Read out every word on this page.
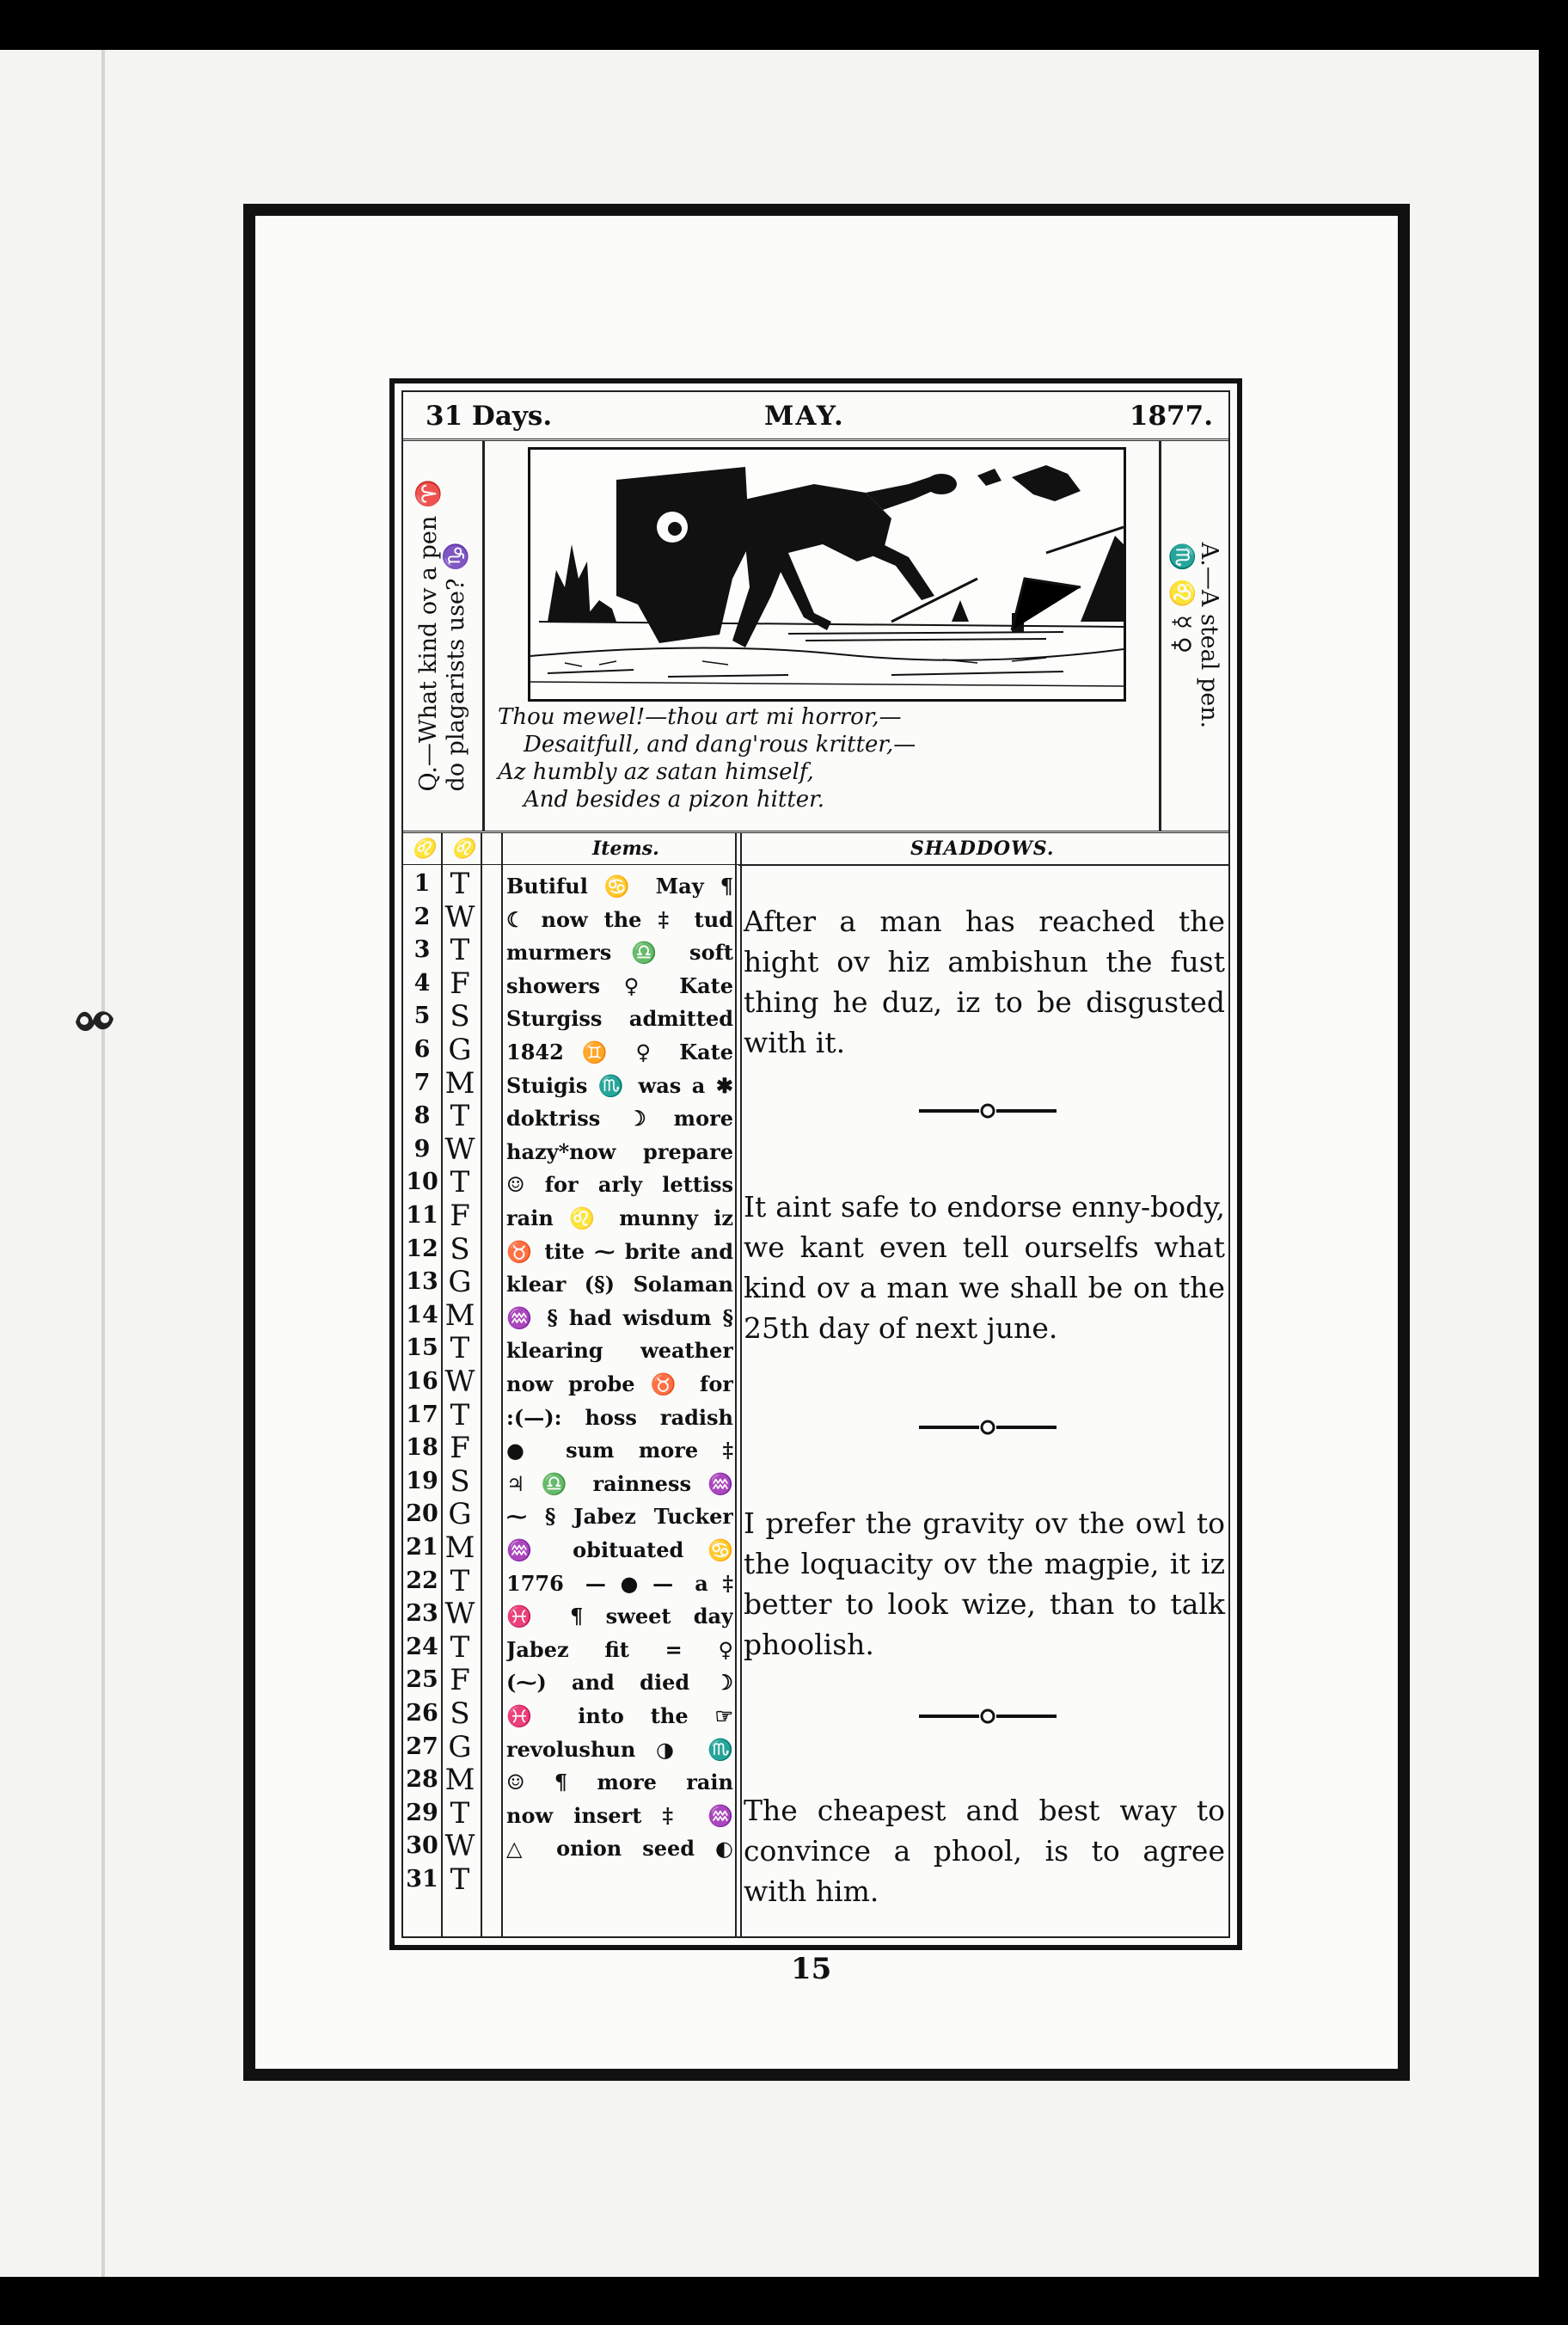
▾	✱
31 Days.	MAY.	1877.
Q.—What kind ov a pen ♈ do plagarists use? ♑ Thou mewel!—thou art mi horror,—
Desaitfull, and dang'rous kritter,—
Az humbly az satan himself,
And besides a pizon hitter.
A.—A steal pen.
♏ ♌ ☿ ♀
♌ ♌	Items.	SHADDOWS.
1 T	Butiful ♋ May ¶
2 W ☾ now the ‡ tud
3 T	murmers ♎ soft
4 F	showers ♀ Kate
5 S	Sturgiss admitted
6 G 1842 ♊ ♀ Kate
7 M Stuigis ♏ was a ✱
8 T	doktriss ☽ more
9 W hazy*now prepare
10 T	☺ for arly lettiss
11 F	rain ♌ munny iz
12 S	♉ tite ⁓ brite and
13 G klear (§) Solaman
14 M ♒ § had wisdum §
15 T	klearing weather
16 W now probe ♉ for
17 T	:(—): hoss radish
18 F	● sum more ‡
19 S	♃ ♎ rainness ♒
20 G ⁓ § Jabez Tucker
21 M ♒ obituated ♋
22 T	1776 —●— a‡
23 W ♓ ¶ sweet day
24 T	Jabez fit = ♀
25 F	(⁓) and died ☽
26 S	♓ into the ☞
27 G revolushun ◑ ♏
28 M ☺ ¶ more rain
29 T	now insert ‡ ♒
30 W △ onion seed ◐
31 T
After a man has reached the hight ov hiz ambishun the fust thing he duz, iz to be disgusted with it.
It aint safe to endorse enny-body, we kant even tell ourselfs what kind ov a man we shall be on the 25th day of next june.
I prefer the gravity ov the owl to the loquacity ov the magpie, it iz better to look wize, than to talk phoolish.
The cheapest and best way to convince a phool, is to agree with him.
15
